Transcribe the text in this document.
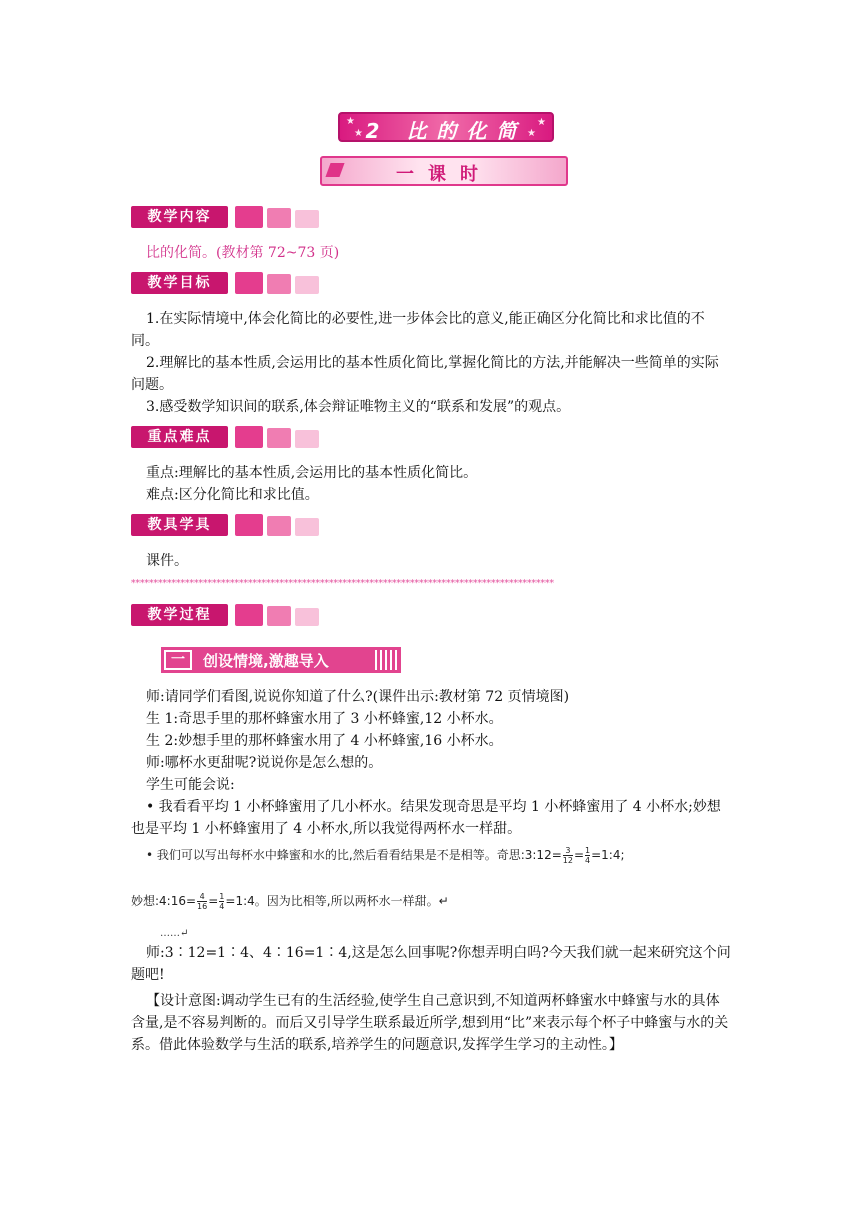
★
★
★
★
2 比的化简
一课时
教学内容

比的化简。(教材第 72~73 页)

教学目标

1.在实际情境中,体会化简比的必要性,进一步体会比的意义,能正确区分化简比和求比值的不同。

2.理解比的基本性质,会运用比的基本性质化简比,掌握化简比的方法,并能解决一些简单的实际问题。

3.感受数学知识间的联系,体会辩证唯物主义的“联系和发展”的观点。

重点难点

重点:理解比的基本性质,会运用比的基本性质化简比。

难点:区分化简比和求比值。

教具学具

课件。

**********************************************************************************************
教学过程
一	创设情境,激趣导入

师:请同学们看图,说说你知道了什么?(课件出示:教材第 72 页情境图)

生 1:奇思手里的那杯蜂蜜水用了 3 小杯蜂蜜,12 小杯水。

生 2:妙想手里的那杯蜂蜜水用了 4 小杯蜂蜜,16 小杯水。

师:哪杯水更甜呢?说说你是怎么想的。

学生可能会说:

• 我看看平均 1 小杯蜂蜜用了几小杯水。结果发现奇思是平均 1 小杯蜂蜜用了 4 小杯水;妙想也是平均 1 小杯蜂蜜用了 4 小杯水,所以我觉得两杯水一样甜。

• 我们可以写出每杯水中蜂蜜和水的比,然后看看结果是不是相等。奇思:3:12= $\frac{3}{12} = \frac{1}{4}$ =1:4;
妙想:4:16= $\frac{4}{16} = \frac{1}{4}$ =1:4。因为比相等,所以两杯水一样甜。↵
……↵

师:3∶12=1∶4、4∶16=1∶4,这是怎么回事呢?你想弄明白吗?今天我们就一起来研究这个问题吧!

【设计意图:调动学生已有的生活经验,使学生自己意识到,不知道两杯蜂蜜水中蜂蜜与水的具体含量,是不容易判断的。而后又引导学生联系最近所学,想到用“比”来表示每个杯子中蜂蜜与水的关系。借此体验数学与生活的联系,培养学生的问题意识,发挥学生学习的主动性。】
